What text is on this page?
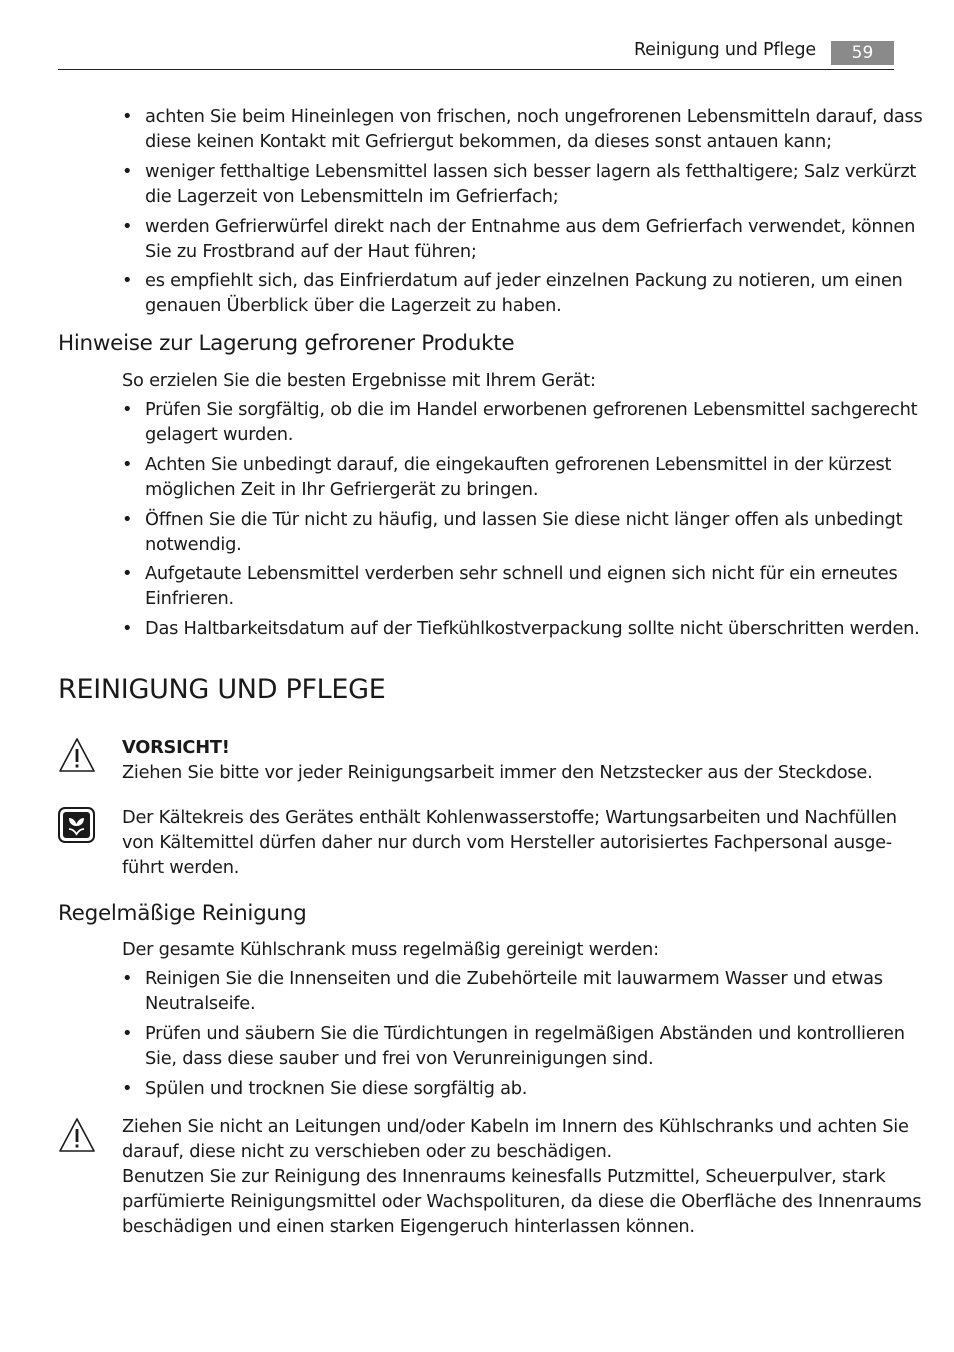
Reinigung und Pflege	59
• achten Sie beim Hineinlegen von frischen, noch ungefrorenen Lebensmitteln darauf, dass
diese keinen Kontakt mit Gefriergut bekommen, da dieses sonst antauen kann;
• weniger fetthaltige Lebensmittel lassen sich besser lagern als fetthaltigere; Salz verkürzt
die Lagerzeit von Lebensmitteln im Gefrierfach;
• werden Gefrierwürfel direkt nach der Entnahme aus dem Gefrierfach verwendet, können
Sie zu Frostbrand auf der Haut führen;
• es empfiehlt sich, das Einfrierdatum auf jeder einzelnen Packung zu notieren, um einen
genauen Überblick über die Lagerzeit zu haben.
Hinweise zur Lagerung gefrorener Produkte

So erzielen Sie die besten Ergebnisse mit Ihrem Gerät:

• Prüfen Sie sorgfältig, ob die im Handel erworbenen gefrorenen Lebensmittel sachgerecht
gelagert wurden.
• Achten Sie unbedingt darauf, die eingekauften gefrorenen Lebensmittel in der kürzest
möglichen Zeit in Ihr Gefriergerät zu bringen.
• Öffnen Sie die Tür nicht zu häufig, und lassen Sie diese nicht länger offen als unbedingt
notwendig.
• Aufgetaute Lebensmittel verderben sehr schnell und eignen sich nicht für ein erneutes
Einfrieren.
• Das Haltbarkeitsdatum auf der Tiefkühlkostverpackung sollte nicht überschritten werden.
REINIGUNG UND PFLEGE

VORSICHT!

Ziehen Sie bitte vor jeder Reinigungsarbeit immer den Netzstecker aus der Steckdose.

Der Kältekreis des Gerätes enthält Kohlenwasserstoffe; Wartungsarbeiten und Nachfüllen

von Kältemittel dürfen daher nur durch vom Hersteller autorisiertes Fachpersonal ausge-

führt werden.

Regelmäßige Reinigung

Der gesamte Kühlschrank muss regelmäßig gereinigt werden:

• Reinigen Sie die Innenseiten und die Zubehörteile mit lauwarmem Wasser und etwas
Neutralseife.
• Prüfen und säubern Sie die Türdichtungen in regelmäßigen Abständen und kontrollieren
Sie, dass diese sauber und frei von Verunreinigungen sind.
• Spülen und trocknen Sie diese sorgfältig ab.

Ziehen Sie nicht an Leitungen und/oder Kabeln im Innern des Kühlschranks und achten Sie

darauf, diese nicht zu verschieben oder zu beschädigen.

Benutzen Sie zur Reinigung des Innenraums keinesfalls Putzmittel, Scheuerpulver, stark

parfümierte Reinigungsmittel oder Wachspolituren, da diese die Oberfläche des Innenraums

beschädigen und einen starken Eigengeruch hinterlassen können.
